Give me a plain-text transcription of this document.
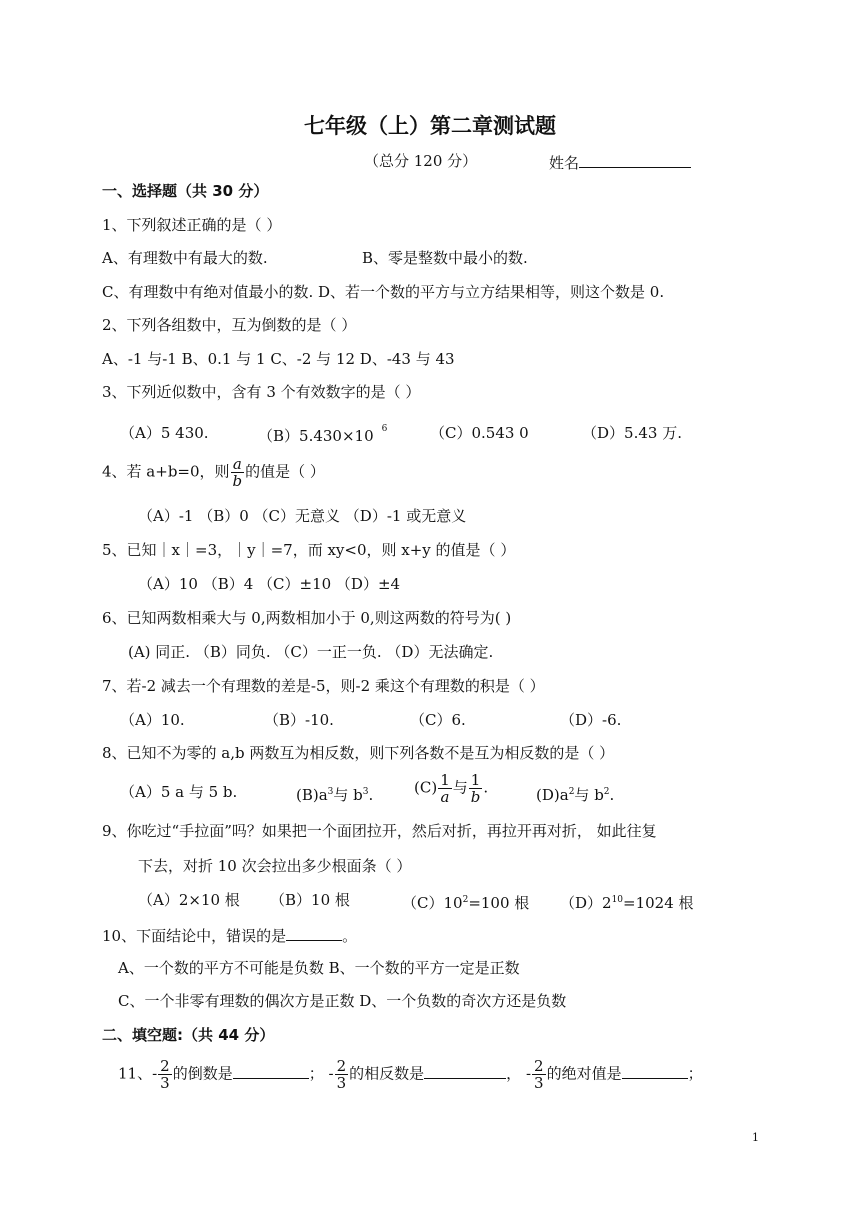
七年级（上）第二章测试题
（总分 120 分）	姓名
一、选择题（共 30 分）
1、下列叙述正确的是（ ）
A、有理数中有最大的数.	B、零是整数中最小的数.
C、有理数中有绝对值最小的数. D、若一个数的平方与立方结果相等，则这个数是 0.
2、下列各组数中，互为倒数的是（ ）
A、-1 与-1 B、0.1 与 1 C、-2 与 12 D、-43 与 43
3、下列近似数中，含有 3 个有效数字的是（ ）
（A）5 430.	（B）5.430×10 $^6$	（C）0.543 0	（D）5.43 万.
4、若 a+b=0，则 $\frac{a}{b}$ 的值是（ ）
（A）-1 （B）0 （C）无意义 （D）-1 或无意义
5、已知｜x｜=3，｜y｜=7，而 xy<0，则 x+y 的值是（ ）
（A）10 （B）4 （C）±10 （D）±4
6、已知两数相乘大与 0,两数相加小于 0,则这两数的符号为( )
(A) 同正. （B）同负. （C）一正一负. （D）无法确定.
7、若-2 减去一个有理数的差是-5，则-2 乘这个有理数的积是（ ）
（A）10.	（B）-10.	（C）6.	（D）-6.
8、已知不为零的 a,b 两数互为相反数，则下列各数不是互为相反数的是（ ）
（A）5 a 与 5 b.	$(B)a^3$与 $b^3$.	$(C) \frac{1}{a}$ 与 $\frac{1}{b}$ .	$(D)a^2$与 $b^2$.
9、你吃过“手拉面”吗？如果把一个面团拉开，然后对折，再拉开再对折， 如此往复
下去，对折 10 次会拉出多少根面条（ ）
（A）2×10 根 （B）10 根	$(C)10^2=100$ 根 $(D)2^{10}=1024$ 根
10、下面结论中，错误的是	。
A、一个数的平方不可能是负数 B、一个数的平方一定是正数
C、一个非零有理数的偶次方是正数 D、一个负数的奇次方还是负数
二、填空题:（共 44 分）
11、- $\frac{2}{3}$ 的倒数是	； - $\frac{2}{3}$ 的相反数是	， - $\frac{2}{3}$ 的绝对值是	；
1
